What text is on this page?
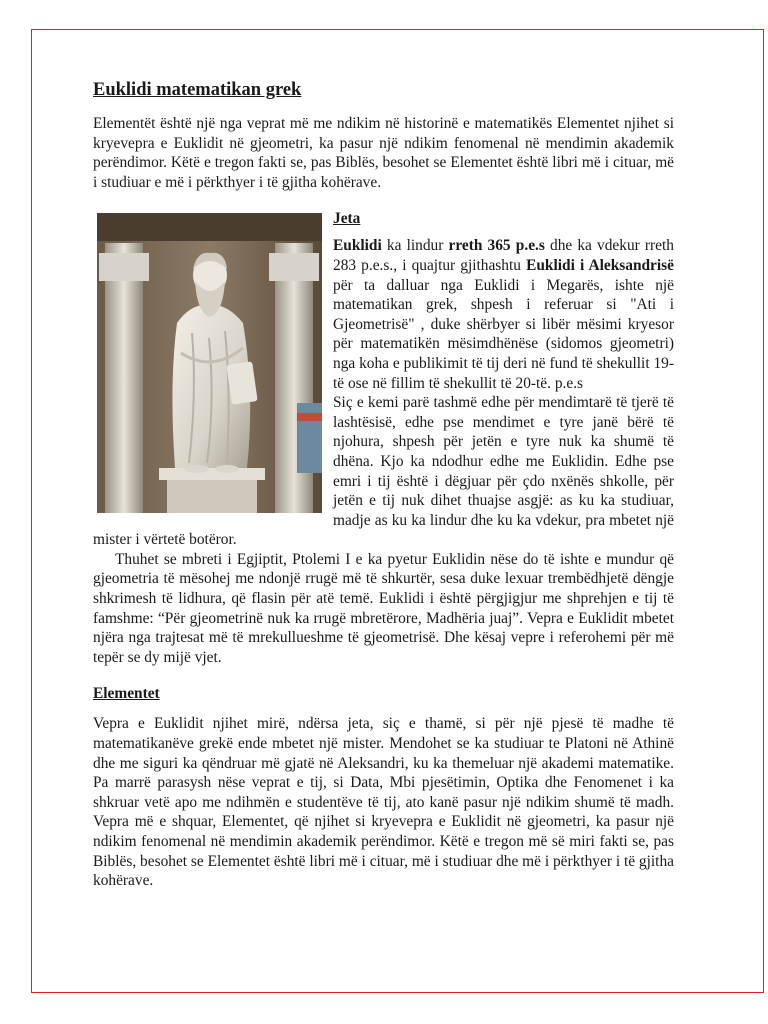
Euklidi matematikan grek

Elementët është një nga veprat më me ndikim në historinë e matematikës Elementet njihet si kryevepra e Euklidit në gjeometri, ka pasur një ndikim fenomenal në mendimin akademik perëndimor. Këtë e tregon fakti se, pas Biblës, besohet se Elementet është libri më i cituar, më i studiuar e më i përkthyer i të gjitha kohërave.

Jeta

Euklidi ka lindur rreth 365 p.e.s dhe ka vdekur rreth 283 p.e.s., i quajtur gjithashtu Euklidi i Aleksandrisë për ta dalluar nga Euklidi i Megarës, ishte një matematikan grek, shpesh i referuar si "Ati i Gjeometrisë" , duke shërbyer si libër mësimi kryesor për matematikën mësimdhënëse (sidomos gjeometri) nga koha e publikimit të tij deri në fund të shekullit 19-të ose në fillim të shekullit të 20-të. p.e.s

Siç e kemi parë tashmë edhe për mendimtarë të tjerë të lashtësisë, edhe pse mendimet e tyre janë bërë të njohura, shpesh për jetën e tyre nuk ka shumë të dhëna. Kjo ka ndodhur edhe me Euklidin. Edhe pse emri i tij është i dëgjuar për çdo nxënës shkolle, për jetën e tij nuk dihet thuajse asgjë: as ku ka studiuar, madje as ku ka lindur dhe ku ka vdekur, pra mbetet një mister i vërtetë botëror.

Thuhet se mbreti i Egjiptit, Ptolemi I e ka pyetur Euklidin nëse do të ishte e mundur që gjeometria të mësohej me ndonjë rrugë më të shkurtër, sesa duke lexuar trembëdhjetë dëngje shkrimesh të lidhura, që flasin për atë temë. Euklidi i është përgjigjur me shprehjen e tij të famshme: “Për gjeometrinë nuk ka rrugë mbretërore, Madhëria juaj”. Vepra e Euklidit mbetet njëra nga trajtesat më të mrekullueshme të gjeometrisë. Dhe kësaj vepre i referohemi për më tepër se dy mijë vjet.

Elementet

Vepra e Euklidit njihet mirë, ndërsa jeta, siç e thamë, si për një pjesë të madhe të matematikanëve grekë ende mbetet një mister. Mendohet se ka studiuar te Platoni në Athinë dhe me siguri ka qëndruar më gjatë në Aleksandri, ku ka themeluar një akademi matematike. Pa marrë parasysh nëse veprat e tij, si Data, Mbi pjesëtimin, Optika dhe Fenomenet i ka shkruar vetë apo me ndihmën e studentëve të tij, ato kanë pasur një ndikim shumë të madh. Vepra më e shquar, Elementet, që njihet si kryevepra e Euklidit në gjeometri, ka pasur një ndikim fenomenal në mendimin akademik perëndimor. Këtë e tregon më së miri fakti se, pas Biblës, besohet se Elementet është libri më i cituar, më i studiuar dhe më i përkthyer i të gjitha kohërave.
